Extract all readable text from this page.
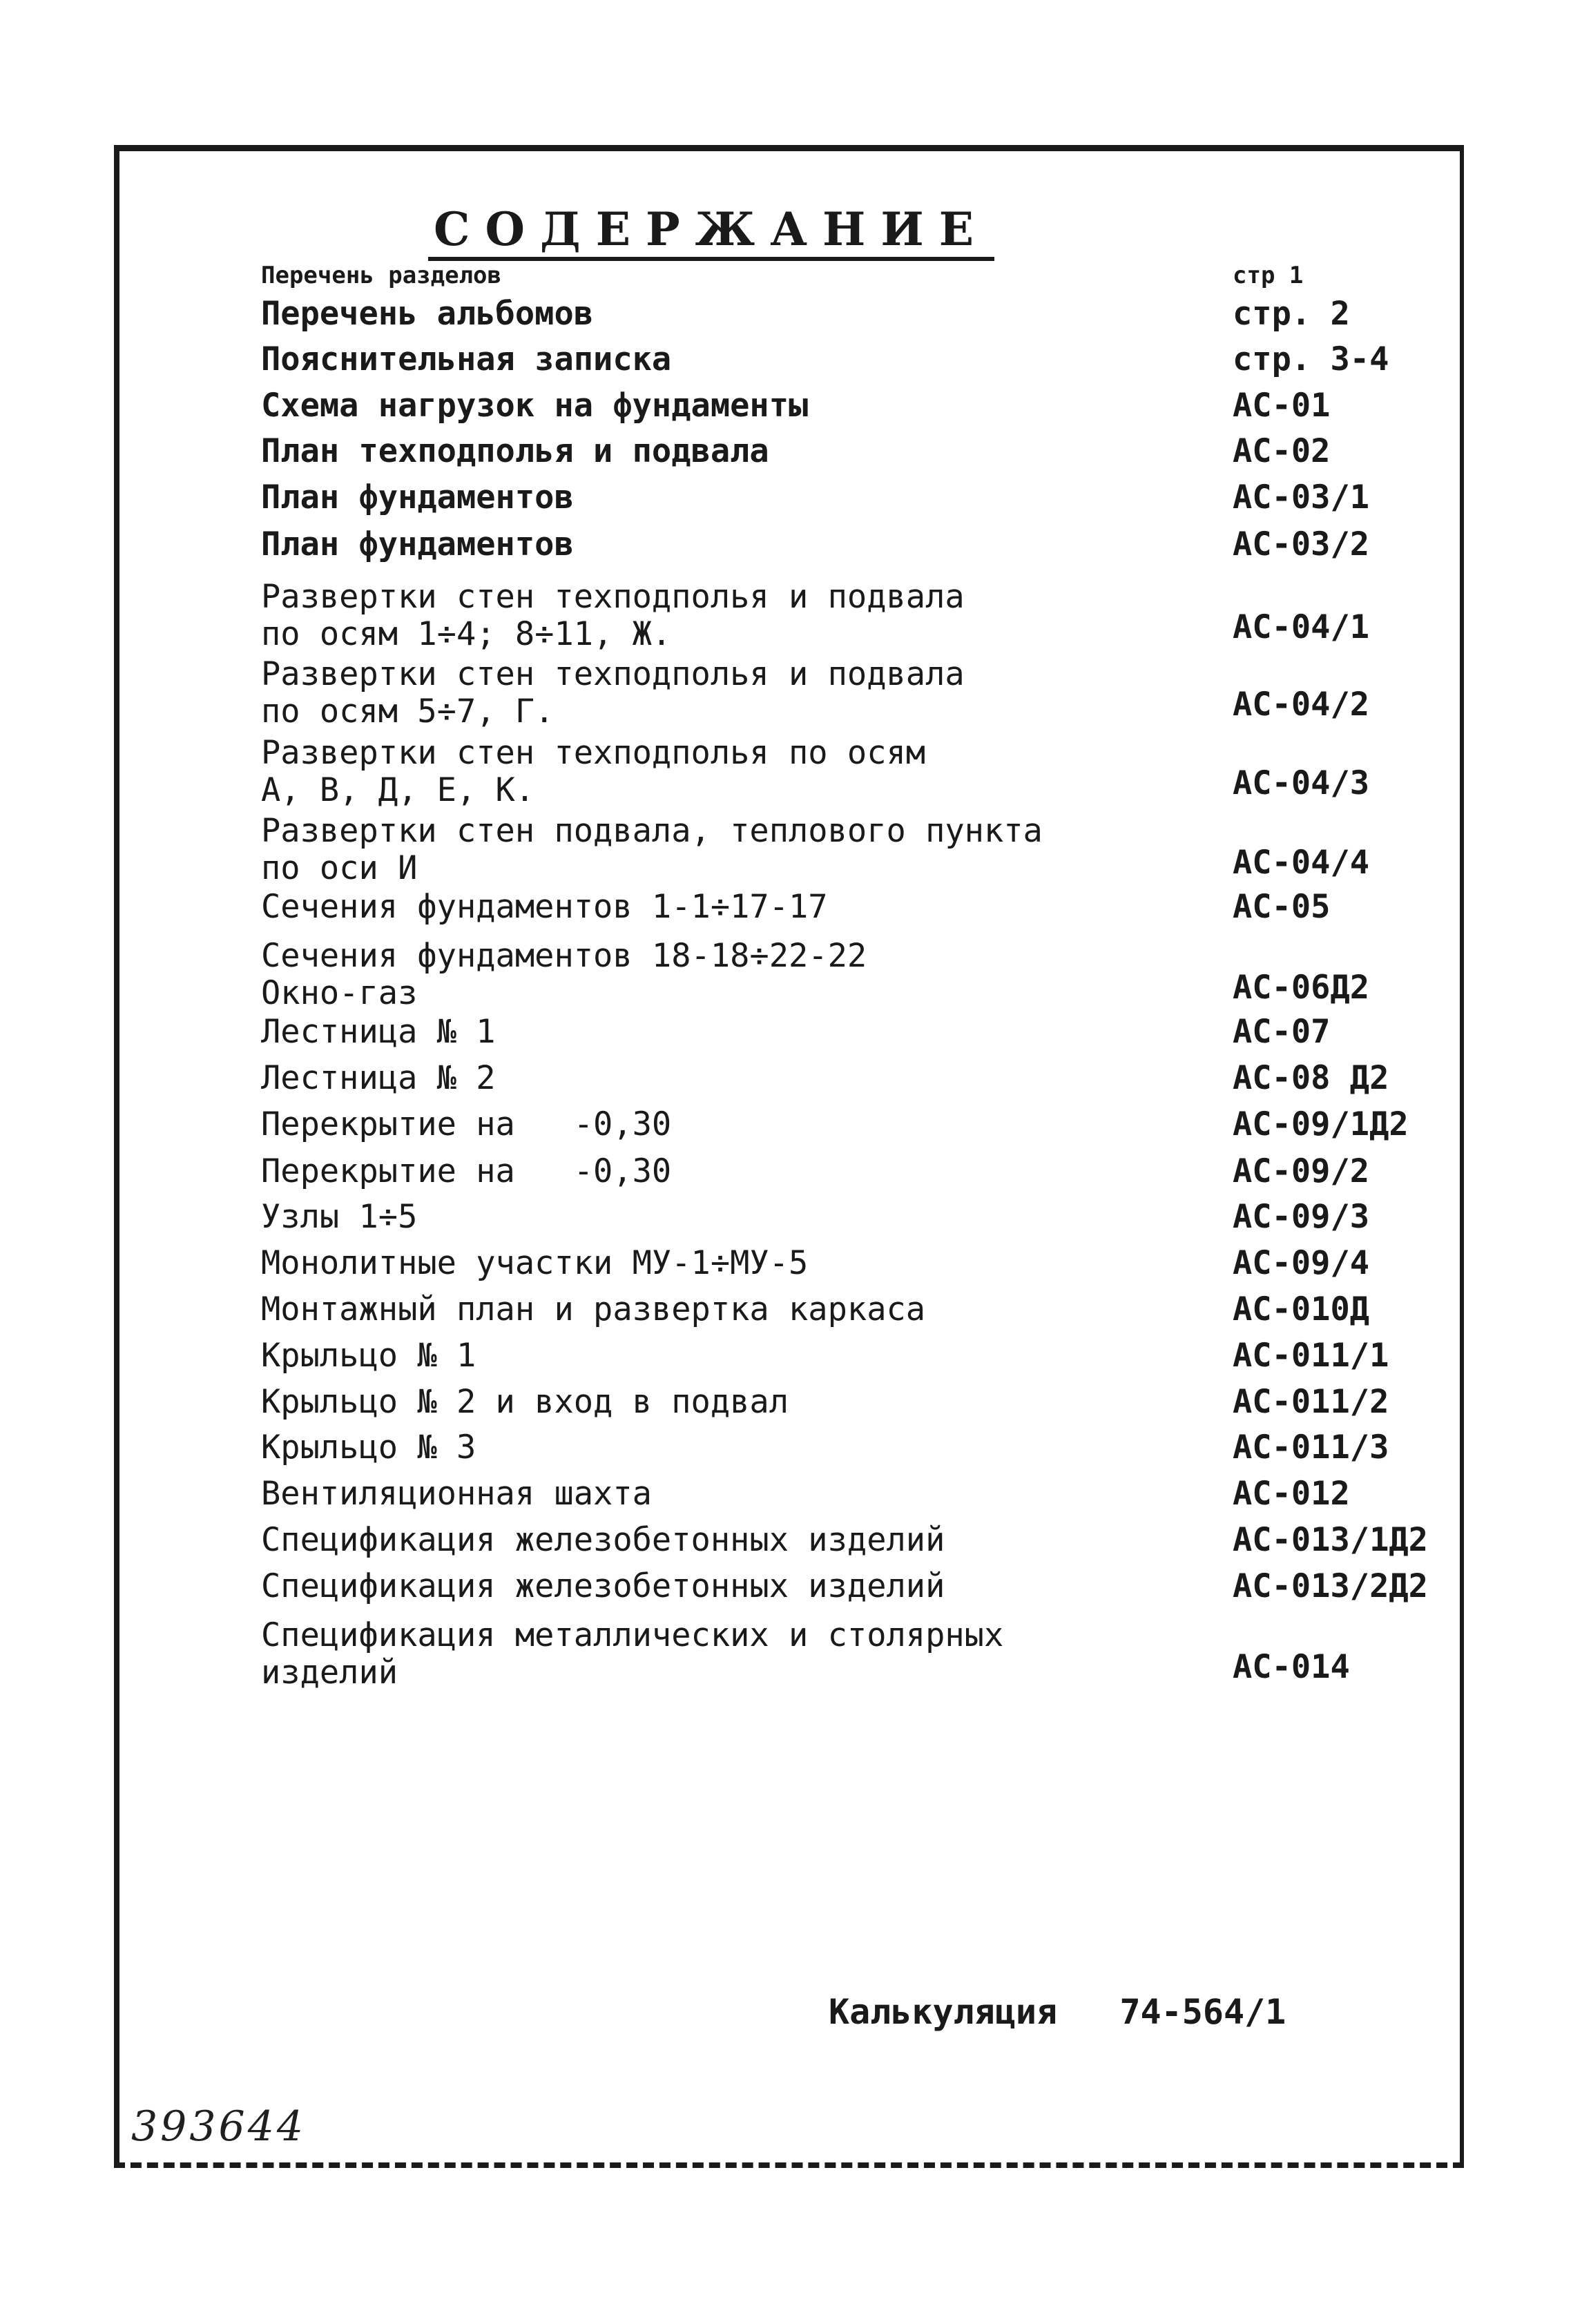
СОДЕРЖАНИЕ
Перечень разделов	стр 1
Перечень альбомов	стр. 2
Пояснительная записка	стр. 3-4
Схема нагрузок на фундаменты	АС-01
План техподполья и подвала	АС-02
План фундаментов	АС-03/1
План фундаментов	АС-03/2
Развертки стен техподполья и подвала
по осям 1÷4; 8÷11, Ж.	АС-04/1
Развертки стен техподполья и подвала
по осям 5÷7, Г.	АС-04/2
Развертки стен техподполья по осям
А, В, Д, Е, К.	АС-04/3
Развертки стен подвала, теплового пункта
по оси И	АС-04/4
Сечения фундаментов 1-1÷17-17	АС-05
Сечения фундаментов 18-18÷22-22
Окно-газ	АС-06Д2
Лестница № 1	АС-07
Лестница № 2	АС-08 Д2
Перекрытие на   -0,30	АС-09/1Д2
Перекрытие на   -0,30	АС-09/2
Узлы 1÷5	АС-09/3
Монолитные участки МУ-1÷МУ-5	АС-09/4
Монтажный план и развертка каркаса	АС-010Д
Крыльцо № 1	АС-011/1
Крыльцо № 2 и вход в подвал	АС-011/2
Крыльцо № 3	АС-011/3
Вентиляционная шахта	АС-012
Спецификация железобетонных изделий	АС-013/1Д2
Спецификация железобетонных изделий	АС-013/2Д2
Спецификация металлических и столярных
изделий	АС-014
Калькуляция 74-564/1
393644
